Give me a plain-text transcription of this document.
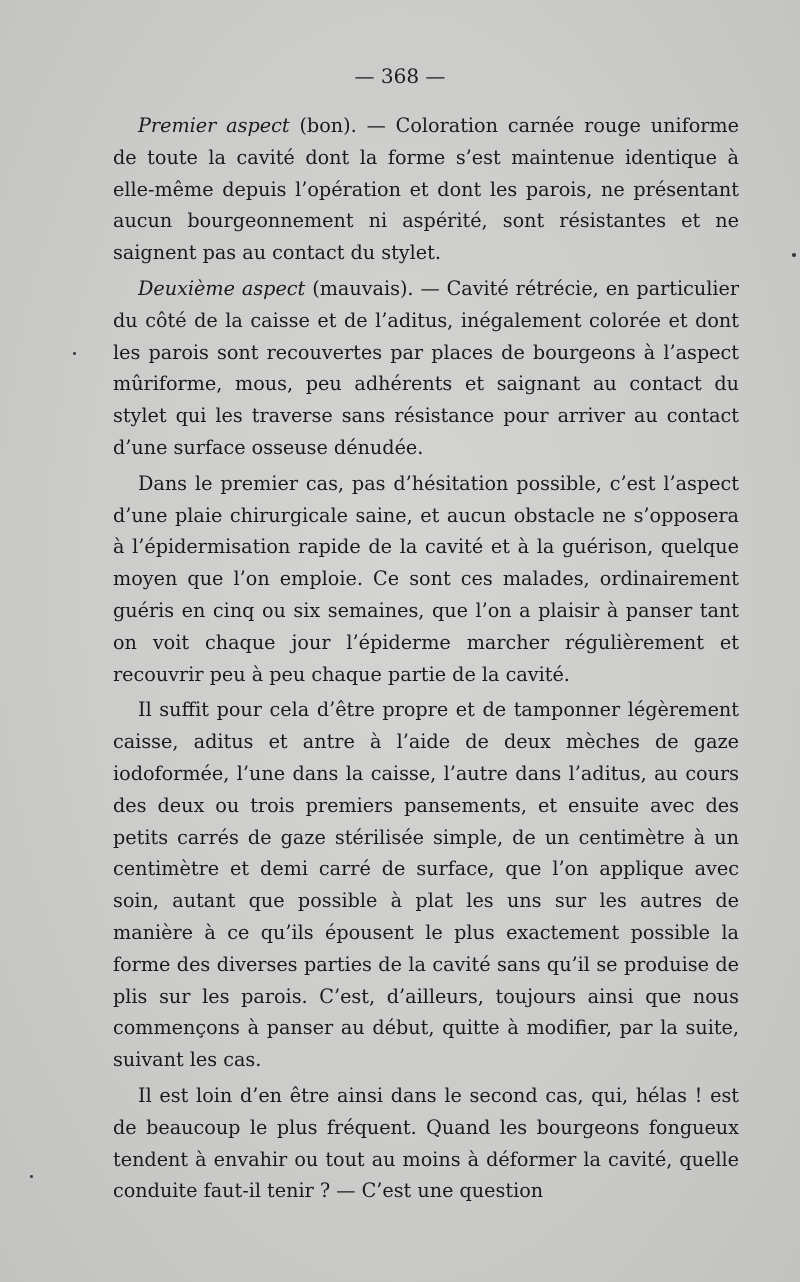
— 368 —

Premier aspect (bon). — Coloration carnée rouge uniforme de toute la cavité dont la forme s’est maintenue identique à elle-même depuis l’opération et dont les parois, ne présentant aucun bourgeonnement ni aspérité, sont résistantes et ne saignent pas au contact du stylet.

Deuxième aspect (mauvais). — Cavité rétrécie, en particulier du côté de la caisse et de l’aditus, inégalement colorée et dont les parois sont recouvertes par places de bourgeons à l’aspect mûriforme, mous, peu adhérents et saignant au contact du stylet qui les traverse sans résistance pour arriver au contact d’une surface osseuse dénudée.

Dans le premier cas, pas d’hésitation possible, c’est l’aspect d’une plaie chirurgicale saine, et aucun obstacle ne s’opposera à l’épidermisation rapide de la cavité et à la guérison, quelque moyen que l’on emploie. Ce sont ces malades, ordinairement guéris en cinq ou six semaines, que l’on a plaisir à panser tant on voit chaque jour l’épiderme marcher régulièrement et recouvrir peu à peu chaque partie de la cavité.

Il suffit pour cela d’être propre et de tamponner légèrement caisse, aditus et antre à l’aide de deux mèches de gaze iodoformée, l’une dans la caisse, l’autre dans l’aditus, au cours des deux ou trois premiers pansements, et ensuite avec des petits carrés de gaze stérilisée simple, de un centimètre à un centimètre et demi carré de surface, que l’on applique avec soin, autant que possible à plat les uns sur les autres de manière à ce qu’ils épousent le plus exactement possible la forme des diverses parties de la cavité sans qu’il se produise de plis sur les parois. C’est, d’ailleurs, toujours ainsi que nous commençons à panser au début, quitte à modifier, par la suite, suivant les cas.

Il est loin d’en être ainsi dans le second cas, qui, hélas ! est de beaucoup le plus fréquent. Quand les bourgeons fongueux tendent à envahir ou tout au moins à déformer la cavité, quelle conduite faut-il tenir ? — C’est une question
